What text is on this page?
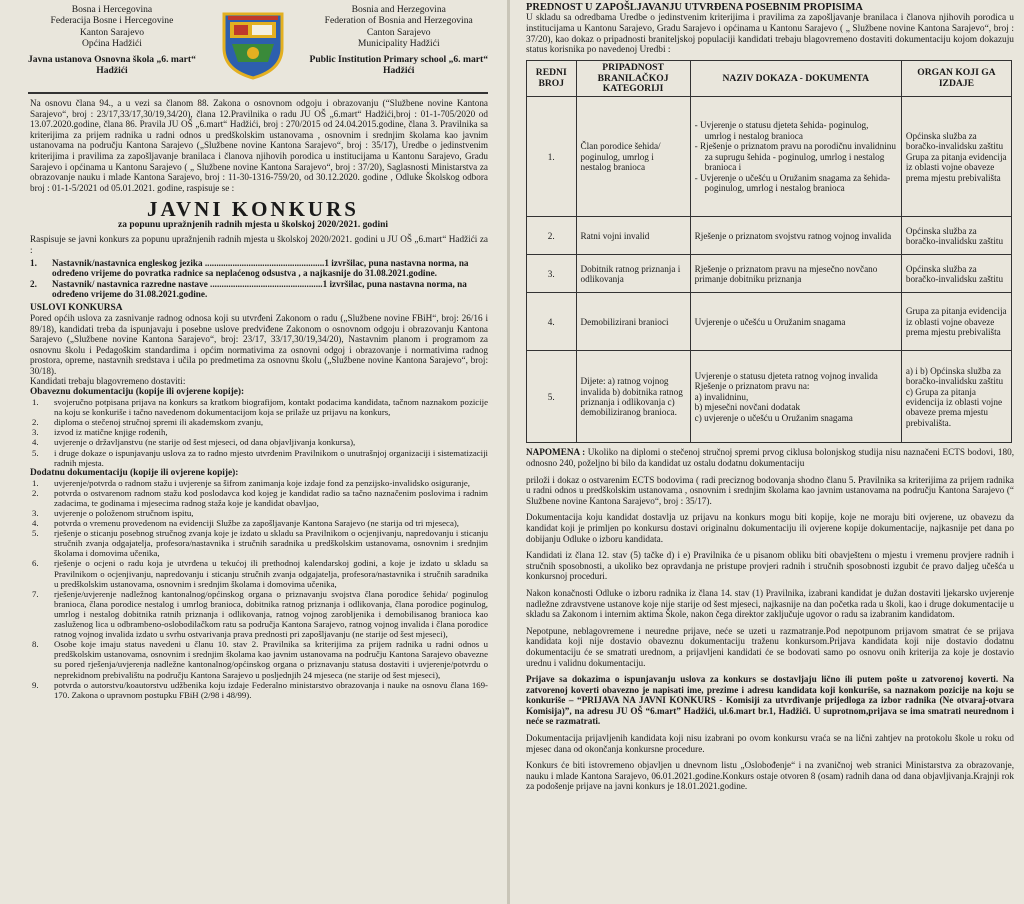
Bosna i Hercegovina
Federacija Bosne i Hercegovine
Kanton Sarajevo
Općina Hadžići
Javna ustanova Osnovna škola „6. mart“
Hadžići
Bosnia and Herzegovina
Federation of Bosnia and Herzegovina
Canton Sarajevo
Municipality Hadžići
Public Institution Primary school „6. mart“
Hadžići
Na osnovu člana 94., a u vezi sa članom 88. Zakona o osnovnom odgoju i obrazovanju (“Službene novine Kantona Sarajevo“, broj : 23/17,33/17,30/19,34/20), člana 12.Pravilnika o radu JU OŠ „6.mart“ Hadžići,broj : 01-1-705/2020 od 13.07.2020.godine, člana 86. Pravila JU OŠ „6.mart“ Hadžići, broj : 270/2015 od 24.04.2015.godine, člana 3. Pravilnika sa kriterijima za prijem radnika u radni odnos u predškolskim ustanovama , osnovnim i srednjim školama kao javnim ustanovama na području Kantona Sarajevo („Službene novine Kantona Sarajevo“, broj : 35/17), Uredbe o jedinstvenim kriterijima i pravilima za zapošljavanje branilaca i članova njihovih porodica u institucijama u Kantonu Sarajevo, Gradu Sarajevo i općinama u Kantonu Sarajevo ( „ Službene novine Kantona Sarajevo“, broj : 37/20), Saglasnosti Ministarstva za obrazovanje nauku i mlade Kantona Sarajevo, broj : 11-30-1316-759/20, od 30.12.2020. godine , Odluke Školskog odbora broj : 01-1-5/2021 od 05.01.2021. godine, raspisuje se :
JAVNI KONKURS
za popunu upražnjenih radnih mjesta u školskoj 2020/2021. godini
Raspisuje se javni konkurs za popunu upražnjenih radnih mjesta u školskoj 2020/2021. godini u JU OŠ „6.mart“ Hadžići za :
1.	Nastavnik/nastavnica engleskog jezika ....................................................1 izvršilac, puna nastavna norma, na određeno vrijeme do povratka radnice sa neplaćenog odsustva , a najkasnije do 31.08.2021.godine.
2.	Nastavnik/ nastavnica razredne nastave .................................................1 izvršilac, puna nastavna norma, na određeno vrijeme do 31.08.2021.godine.
USLOVI KONKURSA
Pored općih uslova za zasnivanje radnog odnosa koji su utvrđeni Zakonom o radu („Službene novine FBiH“, broj: 26/16 i 89/18), kandidati treba da ispunjavaju i posebne uslove predviđene Zakonom o osnovnom odgoju i obrazovanju Kantona Sarajevo („Službene novine Kantona Sarajevo“, broj: 23/17, 33/17,30/19,34/20), Nastavnim planom i programom za osnovnu školu i Pedagoškim standardima i općim normativima za osnovni odgoj i obrazovanje i normativima radnog prostora, opreme, nastavnih sredstava i učila po predmetima za osnovnu školu („Službene novine Kantona Sarajevo“, broj: 30/18).
Kandidati trebaju blagovremeno dostaviti:
Obaveznu dokumentaciju (kopije ili ovjerene kopije):
1.	svojeručno potpisana prijava na konkurs sa kratkom biografijom, kontakt podacima kandidata, tačnom naznakom pozicije na koju se konkuriše i tačno navedenom dokumentacijom koja se prilaže uz prijavu na konkurs,
2.	diploma o stečenoj stručnoj spremi ili akademskom zvanju,
3.	izvod iz matične knjige rođenih,
4.	uvjerenje o državljanstvu (ne starije od šest mjeseci, od dana objavljivanja konkursa),
5.	i druge dokaze o ispunjavanju uslova za to radno mjesto utvrđenim Pravilnikom o unutrašnjoj organizaciji i sistematizaciji radnih mjesta.
Dodatnu dokumentaciju (kopije ili ovjerene kopije):
1.	uvjerenje/potvrda o radnom stažu i uvjerenje sa šifrom zanimanja koje izdaje fond za penzijsko-invalidsko osiguranje,
2.	potvrda o ostvarenom radnom stažu kod poslodavca kod kojeg je kandidat radio sa tačno naznačenim poslovima i radnim zadacima, te godinama i mjesecima radnog staža koje je kandidat obavljao,
3.	uvjerenje o položenom stručnom ispitu,
4.	potvrda o vremenu provedenom na evidenciji Službe za zapošljavanje Kantona Sarajevo (ne starija od tri mjeseca),
5.	rješenje o sticanju posebnog stručnog zvanja koje je izdato u skladu sa Pravilnikom o ocjenjivanju, napredovanju i sticanju stručnih zvanja odgajatelja, profesora/nastavnika i stručnih saradnika u predškolskim ustanovama, osnovnim i srednjim školama i domovima učenika,
6.	rješenje o ocjeni o radu koja je utvrđena u tekućoj ili prethodnoj kalendarskoj godini, a koje je izdato u skladu sa Pravilnikom o ocjenjivanju, napredovanju i sticanju stručnih zvanja odgajatelja, profesora/nastavnika i stručnih saradnika u predškolskim ustanovama, osnovnim i srednjim školama i domovima učenika,
7.	rješenje/uvjerenje nadležnog kantonalnog/općinskog organa o priznavanju svojstva člana porodice šehida/ poginulog branioca, člana porodice nestalog i umrlog branioca, dobitnika ratnog priznanja i odlikovanja, člana porodice poginulog, umrlog i nestalog dobitnika ratnih priznanja i odlikovanja, ratnog vojnog zarobljenika i demobilisanog branioca kao zasluženog lica u odbrambeno-oslobodilačkom ratu sa područja Kantona Sarajevo, ratnog vojnog invalida i člana porodice ratnog vojnog invalida izdato u svrhu ostvarivanja prava prednosti pri zapošljavanju (ne starije od šest mjeseci),
8.	Osobe koje imaju status navedeni u članu 10. stav 2. Pravilnika sa kriterijima za prijem radnika u radni odnos u predškolskim ustanovama, osnovnim i srednjim školama kao javnim ustanovama na području Kantona Sarajevo obavezne su pored rješenja/uvjerenja nadležne kantonalnog/općinskog organa o priznavanju statusa dostaviti i uvjerenje/potvrdu o neprekidnom prebivalištu na području Kantona Sarajevo u posljednjih 24 mjeseca (ne starije od šest mjeseci),
9.	potvrda o autorstvu/koautorstvu udžbenika koju izdaje Federalno ministarstvo obrazovanja i nauke na osnovu člana 169-170. Zakona o upravnom postupku FBiH (2/98 i 48/99).
PREDNOST U ZAPOŠLJAVANJU UTVRĐENA POSEBNIM PROPISIMA
U skladu sa odredbama Uredbe o jedinstvenim kriterijima i pravilima za zapošljavanje branilaca i članova njihovih porodica u institucijama u Kantonu Sarajevo, Gradu Sarajevo i općinama u Kantonu Sarajevo ( „ Službene novine Kantona Sarajevo“, broj : 37/20), kao dokaz o pripadnosti braniteljskoj populaciji kandidati trebaju blagovremeno dostaviti dokumentaciju kojom dokazuju status korisnika po navedenoj Uredbi :
REDNI BROJ	PRIPADNOST BRANILAČKOJ KATEGORIJI	NAZIV DOKAZA - DOKUMENTA	ORGAN KOJI GA IZDAJE
1.	Član porodice šehida/ poginulog, umrlog i nestalog branioca	- Uvjerenje o statusu djeteta šehida- poginulog, umrlog i nestalog branioca
- Rješenje o priznatom pravu na porodičnu invalidninu za suprugu šehida - poginulog, umrlog i nestalog branioca i
- Uvjerenje o učešću u Oružanim snagama za šehida-poginulog, umrlog i nestalog branioca	Općinska služba za boračko-invalidsku zaštitu Grupa za pitanja evidencija iz oblasti vojne obaveze prema mjestu prebivališta
2.	Ratni vojni invalid	Rješenje o priznatom svojstvu ratnog vojnog invalida	Općinska služba za boračko-invalidsku zaštitu
3.	Dobitnik ratnog priznanja i odlikovanja	Rješenje o priznatom pravu na mjesečno novčano primanje dobitniku priznanja	Općinska služba za boračko-invalidsku zaštitu
4.	Demobilizirani branioci	Uvjerenje o učešću u Oružanim snagama	Grupa za pitanja evidencija iz oblasti vojne obaveze prema mjestu prebivališta
5.	Dijete: a) ratnog vojnog invalida b) dobitnika ratnog priznanja i odlikovanja c) demobiliziranog branioca.	Uvjerenje o statusu djeteta ratnog vojnog invalida Rješenje o priznatom pravu na:
a) invalidninu,
b) mjesečni novčani dodatak
c) uvjerenje o učešću u Oružanim snagama	a) i b) Općinska služba za boračko-invalidsku zaštitu c) Grupa za pitanja evidencija iz oblasti vojne obaveze prema mjestu prebivališta.
NAPOMENA : Ukoliko na diplomi o stečenoj stručnoj spremi prvog ciklusa bolonjskog studija nisu naznačeni ECTS bodovi, 180, odnosno 240, poželjno bi bilo da kandidat uz ostalu dodatnu dokumentaciju
priloži i dokaz o ostvarenim ECTS bodovima ( radi preciznog bodovanja shodno članu 5. Pravilnika sa kriterijima za prijem radnika u radni odnos u predškolskim ustanovama , osnovnim i srednjim školama kao javnim ustanovama na području Kantona Sarajevo (“ Službene novine Kantona Sarajevo“, broj : 35/17).
Dokumentacija koju kandidat dostavlja uz prijavu na konkurs mogu biti kopije, koje ne moraju biti ovjerene, uz obavezu da kandidat koji je primljen po konkursu dostavi originalnu dokumentaciju ili ovjerene kopije dokumentacije, najkasnije pet dana po dobijanju Odluke o izboru kandidata.
Kandidati iz člana 12. stav (5) tačke d) i e) Pravilnika će u pisanom obliku biti obavještenı o mjestu i vremenu provjere radnih i stručnih sposobnosti, a ukoliko bez opravdanja ne pristupe provjeri radnih i stručnih sposobnosti izgubit će pravo daljeg učešća u konkursnoj proceduri.
Nakon konačnosti Odluke o izboru radnika iz člana 14. stav (1) Pravilnika, izabrani kandidat je dužan dostaviti ljekarsko uvjerenje nadležne zdravstvene ustanove koje nije starije od šest mjeseci, najkasnije na dan početka rada u školi, kao i druge dokumentacije u skladu sa Zakonom i internim aktima Škole, nakon čega direktor zaključuje ugovor o radu sa izabranim kandidatom.
Nepotpune, neblagovremene i neuredne prijave, neće se uzeti u razmatranje.Pod nepotpunom prijavom smatrat će se prijava kandidata koji nije dostavio obaveznu dokumentaciju traženu konkursom.Prijava kandidata koji nije dostavio dodatnu dokumentaciju će se smatrati urednom, a prijavljeni kandidati će se bodovati samo po osnovu onih kriterija za koje je dostavio urednu i validnu dokumentaciju.
Prijave sa dokazima o ispunjavanju uslova za konkurs se dostavljaju lično ili putem pošte u zatvorenoj koverti. Na zatvorenoj koverti obavezno je napisati ime, prezime i adresu kandidata koji konkuriše, sa naznakom pozicije na koju se konkuriše – “PRIJAVA NA JAVNI KONKURS - Komisiji za utvrđivanje prijedloga za izbor radnika (Ne otvaraj-otvara Komisija)”, na adresu JU OŠ “6.mart” Hadžići, ul.6.mart br.1, Hadžići. U suprotnom,prijava se ima smatrati neurednom i neće se razmatrati.
Dokumentacija prijavljenih kandidata koji nisu izabrani po ovom konkursu vraća se na lični zahtjev na protokolu škole u roku od mjesec dana od okončanja konkursne procedure.
Konkurs će biti istovremeno objavljen u dnevnom listu „Oslobođenje“ i na zvaničnoj web stranici Ministarstva za obrazovanje, nauku i mlade Kantona Sarajevo, 06.01.2021.godine.Konkurs ostaje otvoren 8 (osam) radnih dana od dana objavljivanja.Krajnji rok za podošenje prijave na javni konkurs je 18.01.2021.godine.
